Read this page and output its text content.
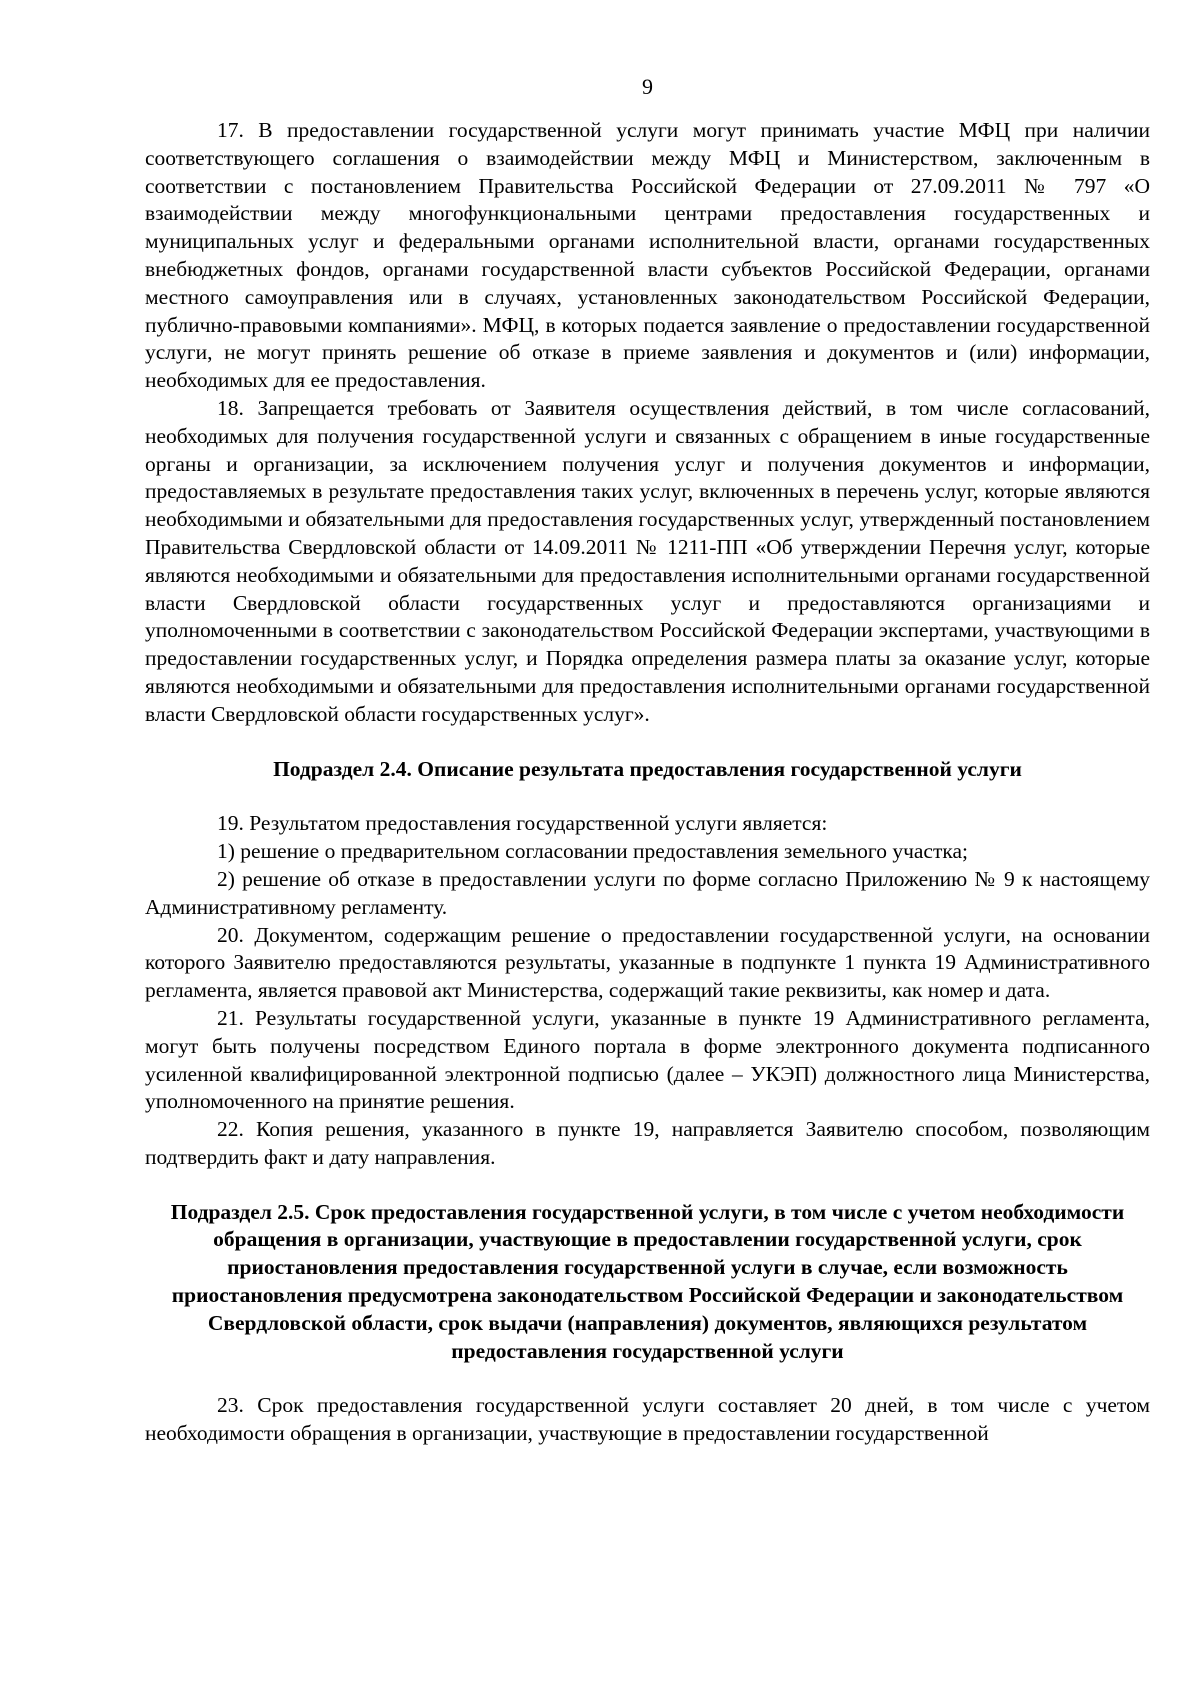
9

17. В предоставлении государственной услуги могут принимать участие МФЦ при наличии соответствующего соглашения о взаимодействии между МФЦ и Министерством, заключенным в соответствии с постановлением Правительства Российской Федерации от 27.09.2011 № 797 «О взаимодействии между многофункциональными центрами предоставления государственных и муниципальных услуг и федеральными органами исполнительной власти, органами государственных внебюджетных фондов, органами государственной власти субъектов Российской Федерации, органами местного самоуправления или в случаях, установленных законодательством Российской Федерации, публично-правовыми компаниями». МФЦ, в которых подается заявление о предоставлении государственной услуги, не могут принять решение об отказе в приеме заявления и документов и (или) информации, необходимых для ее предоставления.

18. Запрещается требовать от Заявителя осуществления действий, в том числе согласований, необходимых для получения государственной услуги и связанных с обращением в иные государственные органы и организации, за исключением получения услуг и получения документов и информации, предоставляемых в результате предоставления таких услуг, включенных в перечень услуг, которые являются необходимыми и обязательными для предоставления государственных услуг, утвержденный постановлением Правительства Свердловской области от 14.09.2011 № 1211-ПП «Об утверждении Перечня услуг, которые являются необходимыми и обязательными для предоставления исполнительными органами государственной власти Свердловской области государственных услуг и предоставляются организациями и уполномоченными в соответствии с законодательством Российской Федерации экспертами, участвующими в предоставлении государственных услуг, и Порядка определения размера платы за оказание услуг, которые являются необходимыми и обязательными для предоставления исполнительными органами государственной власти Свердловской области государственных услуг».

Подраздел 2.4. Описание результата предоставления государственной услуги

19. Результатом предоставления государственной услуги является:

1) решение о предварительном согласовании предоставления земельного участка;

2) решение об отказе в предоставлении услуги по форме согласно Приложению № 9 к настоящему Административному регламенту.

20. Документом, содержащим решение о предоставлении государственной услуги, на основании которого Заявителю предоставляются результаты, указанные в подпункте 1 пункта 19 Административного регламента, является правовой акт Министерства, содержащий такие реквизиты, как номер и дата.

21. Результаты государственной услуги, указанные в пункте 19 Административного регламента, могут быть получены посредством Единого портала в форме электронного документа подписанного усиленной квалифицированной электронной подписью (далее – УКЭП) должностного лица Министерства, уполномоченного на принятие решения.

22. Копия решения, указанного в пункте 19, направляется Заявителю способом, позволяющим подтвердить факт и дату направления.

Подраздел 2.5. Срок предоставления государственной услуги, в том числе с учетом необходимости обращения в организации, участвующие в предоставлении государственной услуги, срок приостановления предоставления государственной услуги в случае, если возможность приостановления предусмотрена законодательством Российской Федерации и законодательством Свердловской области, срок выдачи (направления) документов, являющихся результатом предоставления государственной услуги

23. Срок предоставления государственной услуги составляет 20 дней, в том числе с учетом необходимости обращения в организации, участвующие в предоставлении государственной
